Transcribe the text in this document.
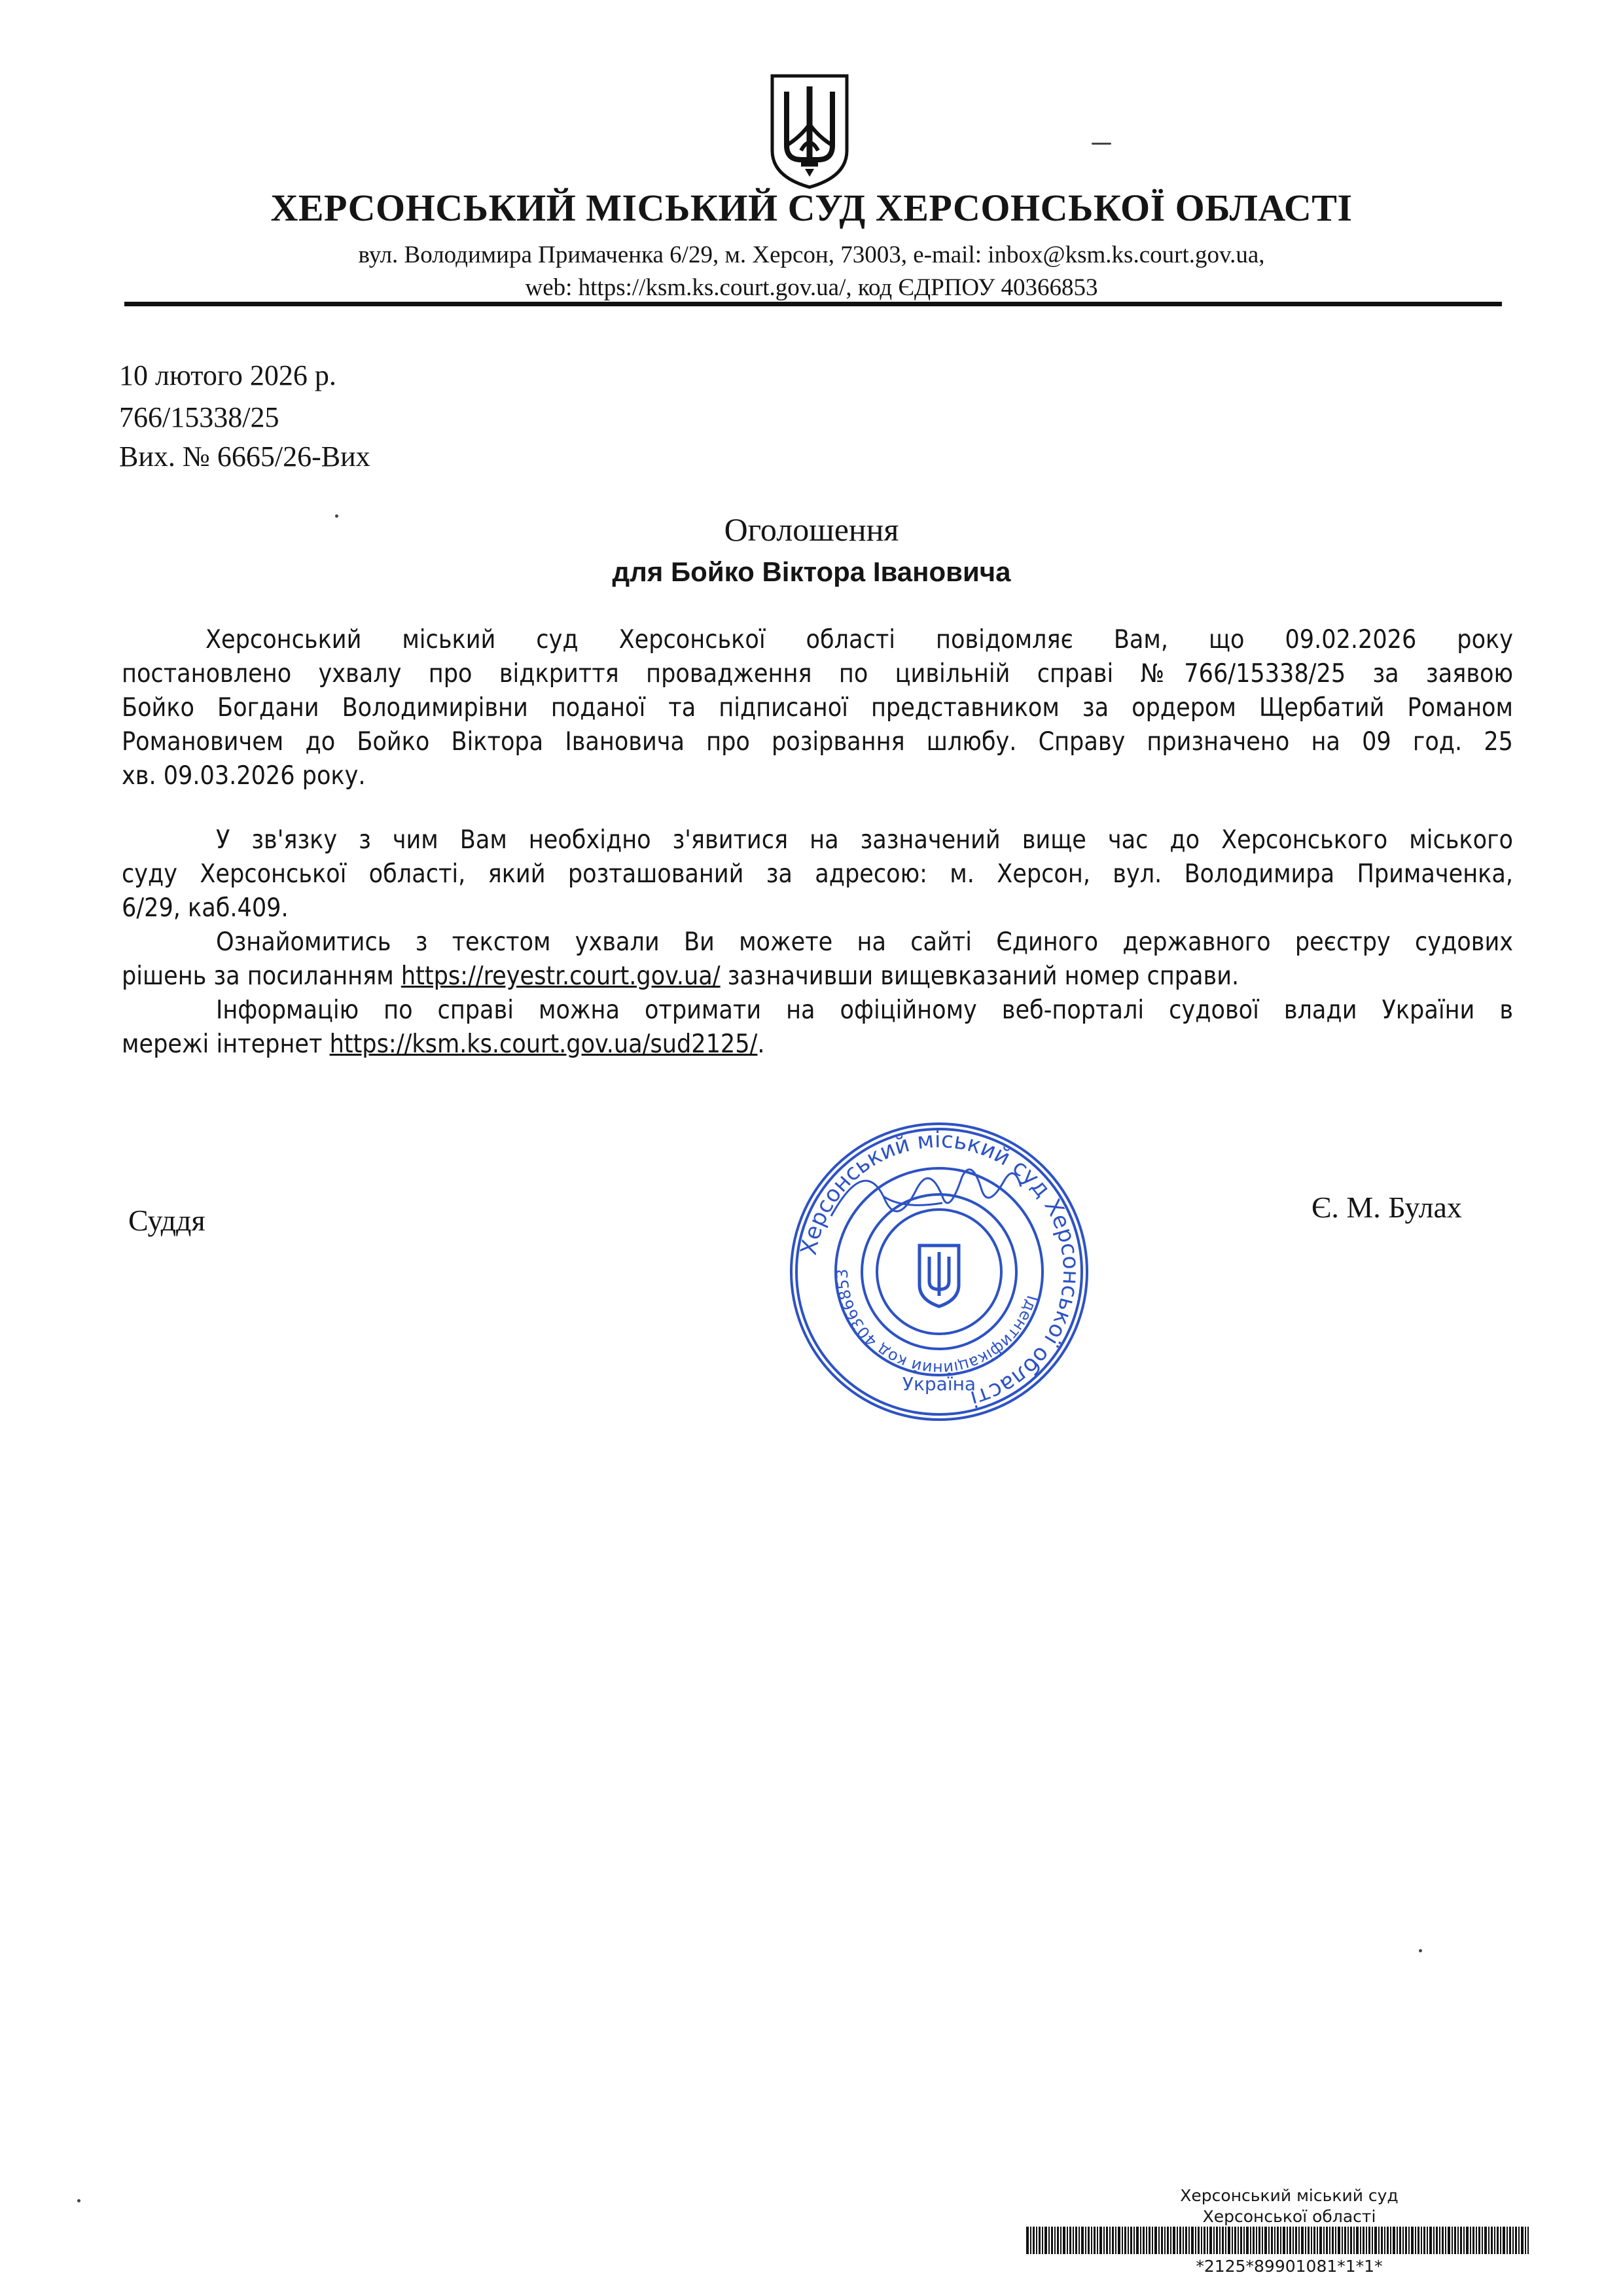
ХЕРСОНСЬКИЙ МІСЬКИЙ СУД ХЕРСОНСЬКОЇ ОБЛАСТІ
вул. Володимира Примаченка 6/29, м. Херсон, 73003, e-mail: inbox@ksm.ks.court.gov.ua,
web: https://ksm.ks.court.gov.ua/, код ЄДРПОУ 40366853
10 лютого 2026 р.
766/15338/25
Вих. № 6665/26-Вих
Оголошення
для Бойко Віктора Івановича
Херсонський міський суд Херсонської області повідомляє Вам, що 09.02.2026 року
постановлено ухвалу про відкриття провадження по цивільній справі №766/15338/25 за заявою
Бойко Богдани Володимирівни поданої та підписаної представником за ордером Щербатий Романом
Романовичем до Бойко Віктора Івановича про розірвання шлюбу. Справу призначено на 09 год. 25
хв. 09.03.2026 року.
У зв'язку з чим Вам необхідно з'явитися на зазначений вище час до Херсонського міського
суду Херсонської області, який розташований за адресою: м. Херсон, вул. Володимира Примаченка,
6/29, каб.409.
Ознайомитись з текстом ухвали Ви можете на сайті Єдиного державного реєстру судових
рішень за посиланням https://reyestr.court.gov.ua/ зазначивши вищевказаний номер справи.
Інформацію по справі можна отримати на офіційному веб-порталі судової влади України в
мережі інтернет https://ksm.ks.court.gov.ua/sud2125/.
Суддя	Є. М. Булах
Херсонський міський суд Херсонської області
Ідентифікаційний код 40366853
Україна
Херсонський міський суд
Херсонської області
*2125*89901081*1*1*
